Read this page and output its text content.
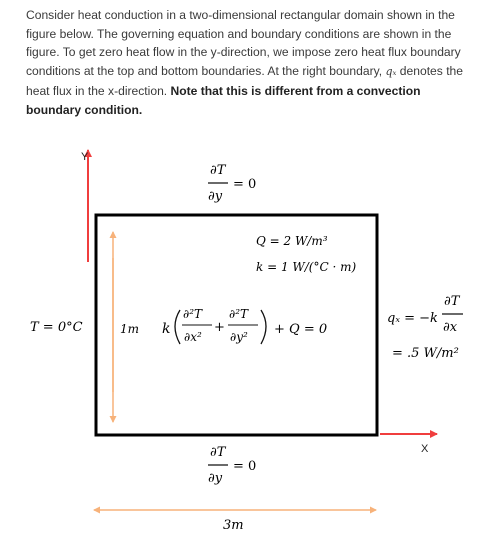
Consider heat conduction in a two-dimensional rectangular domain shown in the figure below. The governing equation and boundary conditions are shown in the figure. To get zero heat flow in the y-direction, we impose zero heat flux boundary conditions at the top and bottom boundaries. At the right boundary, qₓ denotes the heat flux in the x-direction. Note that this is different from a convection boundary condition.

Y
X
∂T
∂y
= 0
∂T
∂y
= 0
T = 0°C	1m
Q = 2 W/m³
k = 1 W/(°C · m)
k
∂²T
∂x²
+
∂²T
∂y² + Q = 0
qₓ = −k
∂T
∂x
= .5 W/m²
3m
